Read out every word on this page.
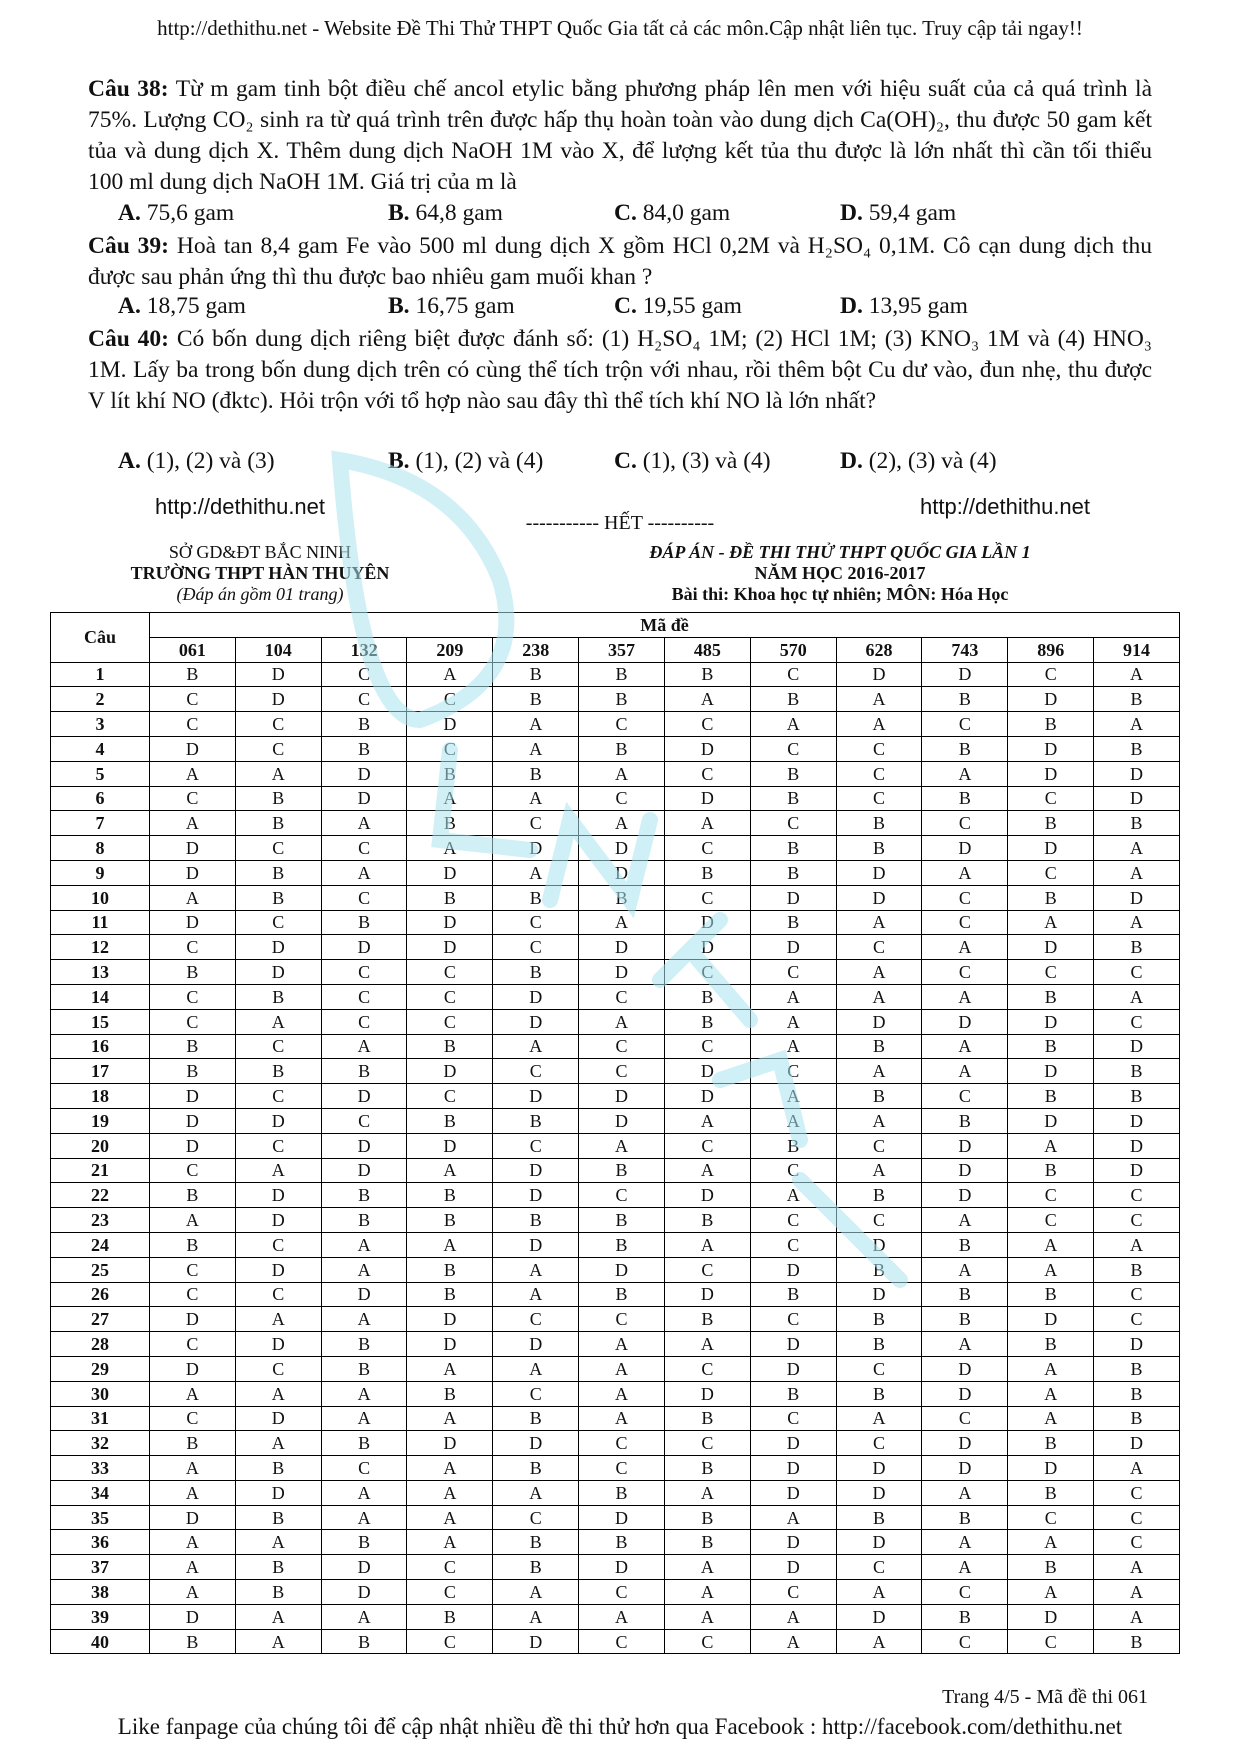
http://dethithu.net - Website Đề Thi Thử THPT Quốc Gia tất cả các môn.Cập nhật liên tục. Truy cập tải ngay!!
Câu 38: Từ m gam tinh bột điều chế ancol etylic bằng phương pháp lên men với hiệu suất của cả quá trình là 75%. Lượng CO₂ sinh ra từ quá trình trên được hấp thụ hoàn toàn vào dung dịch Ca(OH)₂, thu được 50 gam kết tủa và dung dịch X. Thêm dung dịch NaOH 1M vào X, để lượng kết tủa thu được là lớn nhất thì cần tối thiểu 100 ml dung dịch NaOH 1M. Giá trị của m là
A. 75,6 gam	B. 64,8 gam	C. 84,0 gam	D. 59,4 gam
Câu 39: Hoà tan 8,4 gam Fe vào 500 ml dung dịch X gồm HCl 0,2M và H₂SO₄ 0,1M. Cô cạn dung dịch thu được sau phản ứng thì thu được bao nhiêu gam muối khan ?
A. 18,75 gam	B. 16,75 gam	C. 19,55 gam	D. 13,95 gam
Câu 40: Có bốn dung dịch riêng biệt được đánh số: (1) H₂SO₄ 1M; (2) HCl 1M; (3) KNO₃ 1M và (4) HNO₃ 1M. Lấy ba trong bốn dung dịch trên có cùng thể tích trộn với nhau, rồi thêm bột Cu dư vào, đun nhẹ, thu được V lít khí NO (đktc). Hỏi trộn với tổ hợp nào sau đây thì thể tích khí NO là lớn nhất?
A. (1), (2) và (3)	B. (1), (2) và (4)	C. (1), (3) và (4)	D. (2), (3) và (4)
http://dethithu.net	http://dethithu.net
----------- HẾT ----------
SỞ GD&ĐT BẮC NINH
TRƯỜNG THPT HÀN THUYÊN
(Đáp án gồm 01 trang)
ĐÁP ÁN - ĐỀ THI THỬ THPT QUỐC GIA LẦN 1
NĂM HỌC 2016-2017
Bài thi: Khoa học tự nhiên; MÔN: Hóa Học
Câu	Mã đề											
	061	104	132	209	238	357	485	570	628	743	896	914
1	B	D	C	A	B	B	B	C	D	D	C	A
2	C	D	C	C	B	B	A	B	A	B	D	B
3	C	C	B	D	A	C	C	A	A	C	B	A
4	D	C	B	C	A	B	D	C	C	B	D	B
5	A	A	D	B	B	A	C	B	C	A	D	D
6	C	B	D	A	A	C	D	B	C	B	C	D
7	A	B	A	B	C	A	A	C	B	C	B	B
8	D	C	C	A	D	D	C	B	B	D	D	A
9	D	B	A	D	A	D	B	B	D	A	C	A
10	A	B	C	B	B	B	C	D	D	C	B	D
11	D	C	B	D	C	A	D	B	A	C	A	A
12	C	D	D	D	C	D	D	D	C	A	D	B
13	B	D	C	C	B	D	C	C	A	C	C	C
14	C	B	C	C	D	C	B	A	A	A	B	A
15	C	A	C	C	D	A	B	A	D	D	D	C
16	B	C	A	B	A	C	C	A	B	A	B	D
17	B	B	B	D	C	C	D	C	A	A	D	B
18	D	C	D	C	D	D	D	A	B	C	B	B
19	D	D	C	B	B	D	A	A	A	B	D	D
20	D	C	D	D	C	A	C	B	C	D	A	D
21	C	A	D	A	D	B	A	C	A	D	B	D
22	B	D	B	B	D	C	D	A	B	D	C	C
23	A	D	B	B	B	B	B	C	C	A	C	C
24	B	C	A	A	D	B	A	C	D	B	A	A
25	C	D	A	B	A	D	C	D	B	A	A	B
26	C	C	D	B	A	B	D	B	D	B	B	C
27	D	A	A	D	C	C	B	C	B	B	D	C
28	C	D	B	D	D	A	A	D	B	A	B	D
29	D	C	B	A	A	A	C	D	C	D	A	B
30	A	A	A	B	C	A	D	B	B	D	A	B
31	C	D	A	A	B	A	B	C	A	C	A	B
32	B	A	B	D	D	C	C	D	C	D	B	D
33	A	B	C	A	B	C	B	D	D	D	D	A
34	A	D	A	A	A	B	A	D	D	A	B	C
35	D	B	A	A	C	D	B	A	B	B	C	C
36	A	A	B	A	B	B	B	D	D	A	A	C
37	A	B	D	C	B	D	A	D	C	A	B	A
38	A	B	D	C	A	C	A	C	A	C	A	A
39	D	A	A	B	A	A	A	A	D	B	D	A
40	B	A	B	C	D	C	C	A	A	C	C	B
Trang 4/5 - Mã đề thi 061
Like fanpage của chúng tôi để cập nhật nhiều đề thi thử hơn qua Facebook : http://facebook.com/dethithu.net
